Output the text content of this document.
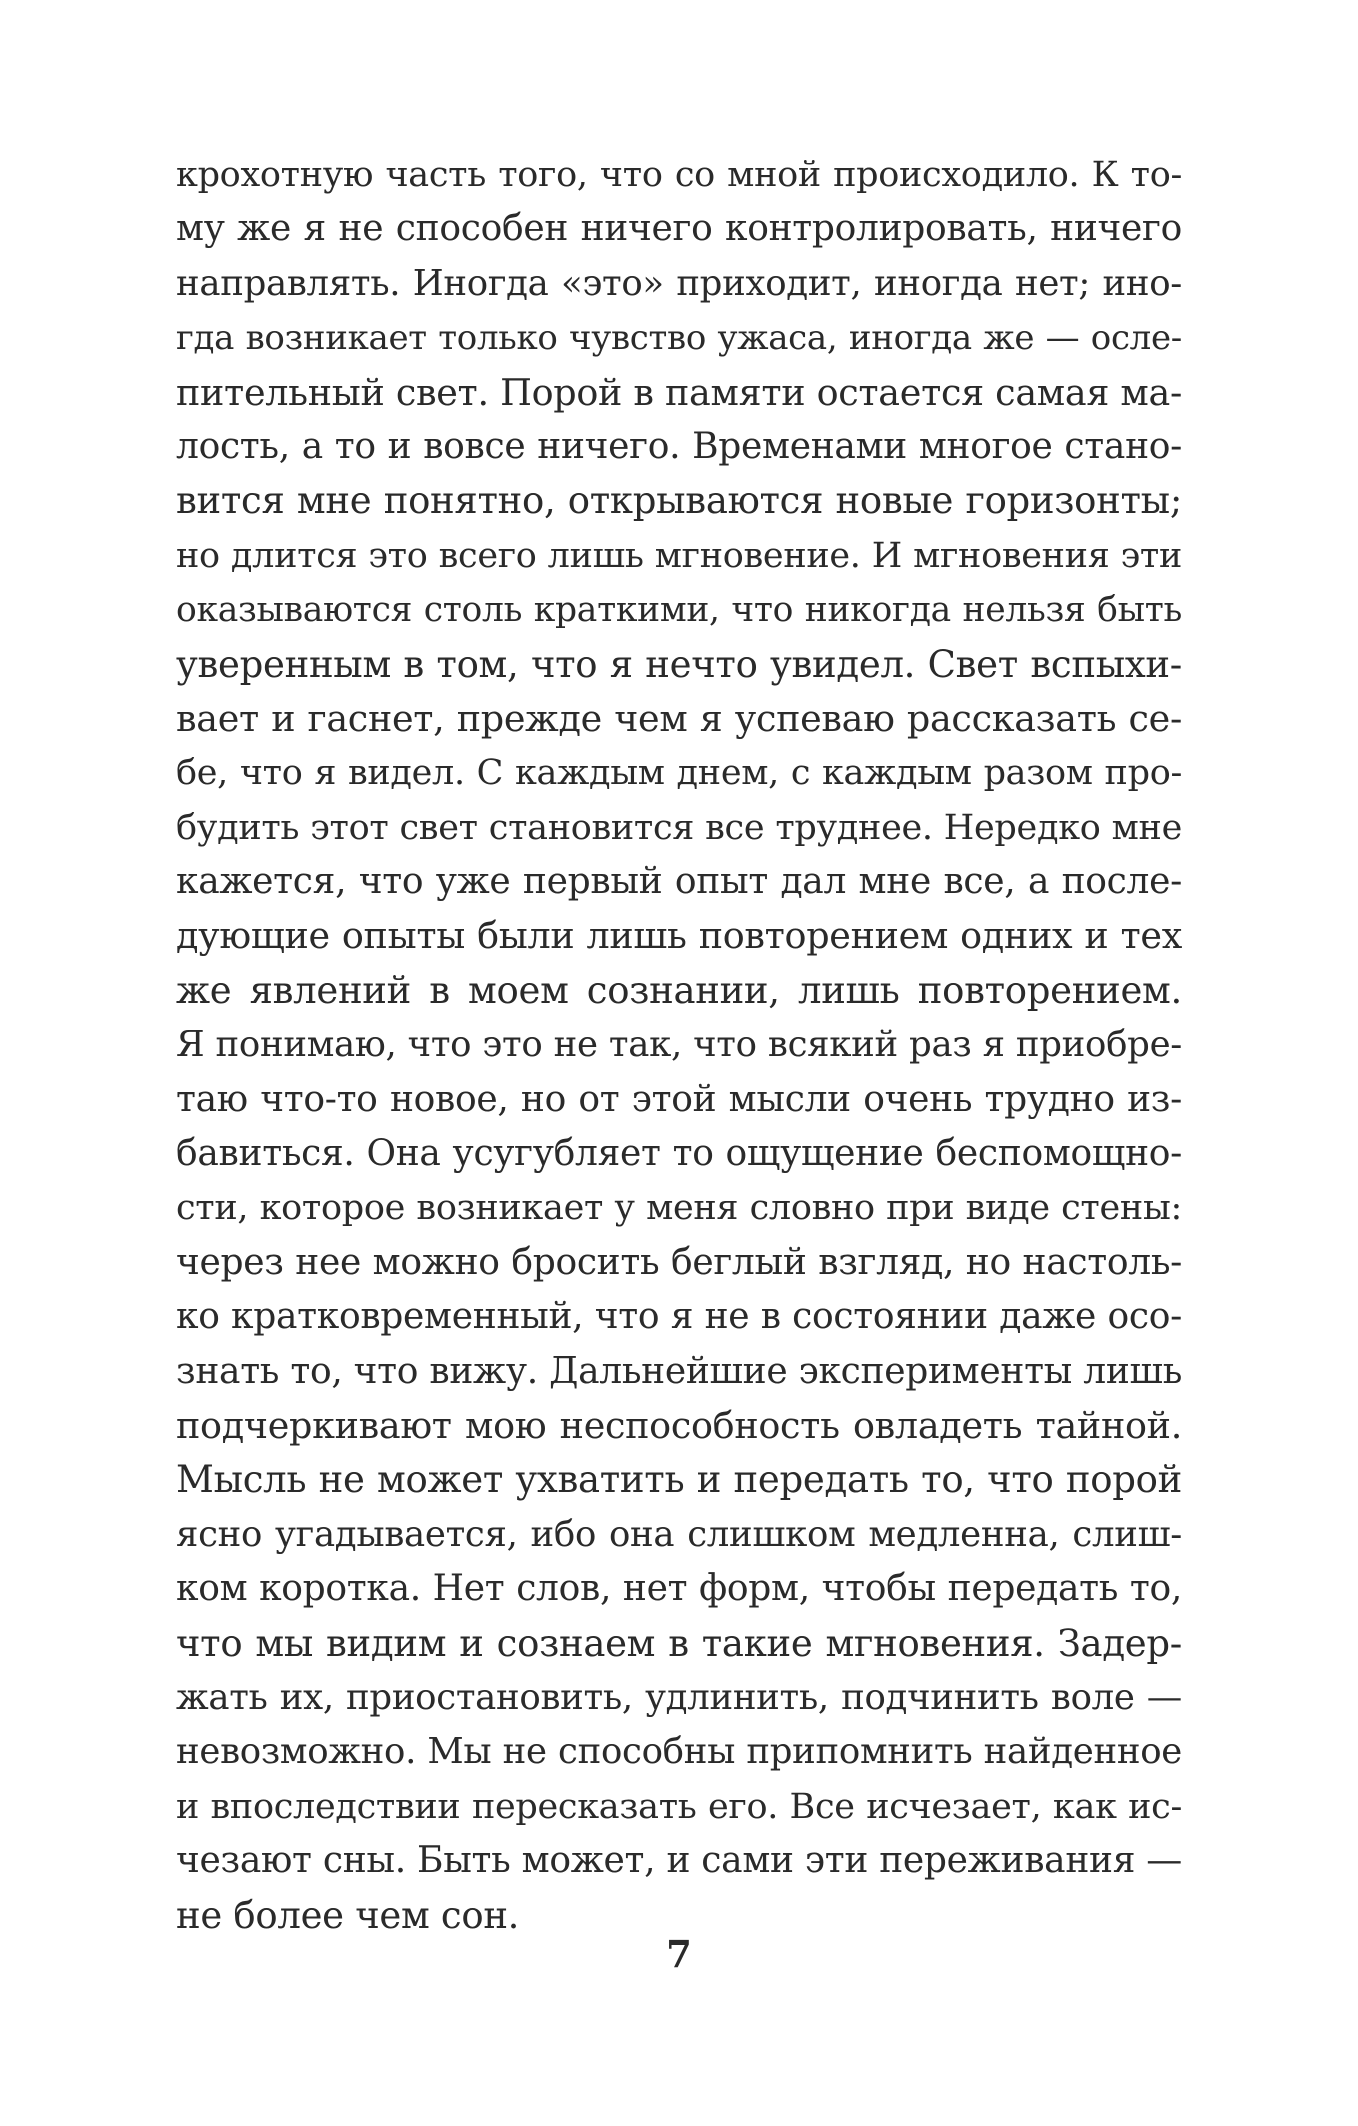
крохотную часть того, что со мной происходило. К то-
му же я не способен ничего контролировать, ничего
направлять. Иногда «это» приходит, иногда нет; ино-
гда возникает только чувство ужаса, иногда же — осле-
пительный свет. Порой в памяти остается самая ма-
лость, а то и вовсе ничего. Временами многое стано-
вится мне понятно, открываются новые горизонты;
но длится это всего лишь мгновение. И мгновения эти
оказываются столь краткими, что никогда нельзя быть
уверенным в том, что я нечто увидел. Свет вспыхи-
вает и гаснет, прежде чем я успеваю рассказать се-
бе, что я видел. С каждым днем, с каждым разом про-
будить этот свет становится все труднее. Нередко мне
кажется, что уже первый опыт дал мне все, а после-
дующие опыты были лишь повторением одних и тех
же явлений в моем сознании, лишь повторением.
Я понимаю, что это не так, что всякий раз я приобре-
таю что-то новое, но от этой мысли очень трудно из-
бавиться. Она усугубляет то ощущение беспомощно-
сти, которое возникает у меня словно при виде стены:
через нее можно бросить беглый взгляд, но настоль-
ко кратковременный, что я не в состоянии даже осо-
знать то, что вижу. Дальнейшие эксперименты лишь
подчеркивают мою неспособность овладеть тайной.
Мысль не может ухватить и передать то, что порой
ясно угадывается, ибо она слишком медленна, слиш-
ком коротка. Нет слов, нет форм, чтобы передать то,
что мы видим и сознаем в такие мгновения. Задер-
жать их, приостановить, удлинить, подчинить воле —
невозможно. Мы не способны припомнить найденное
и впоследствии пересказать его. Все исчезает, как ис-
чезают сны. Быть может, и сами эти переживания —
не более чем сон.
7
